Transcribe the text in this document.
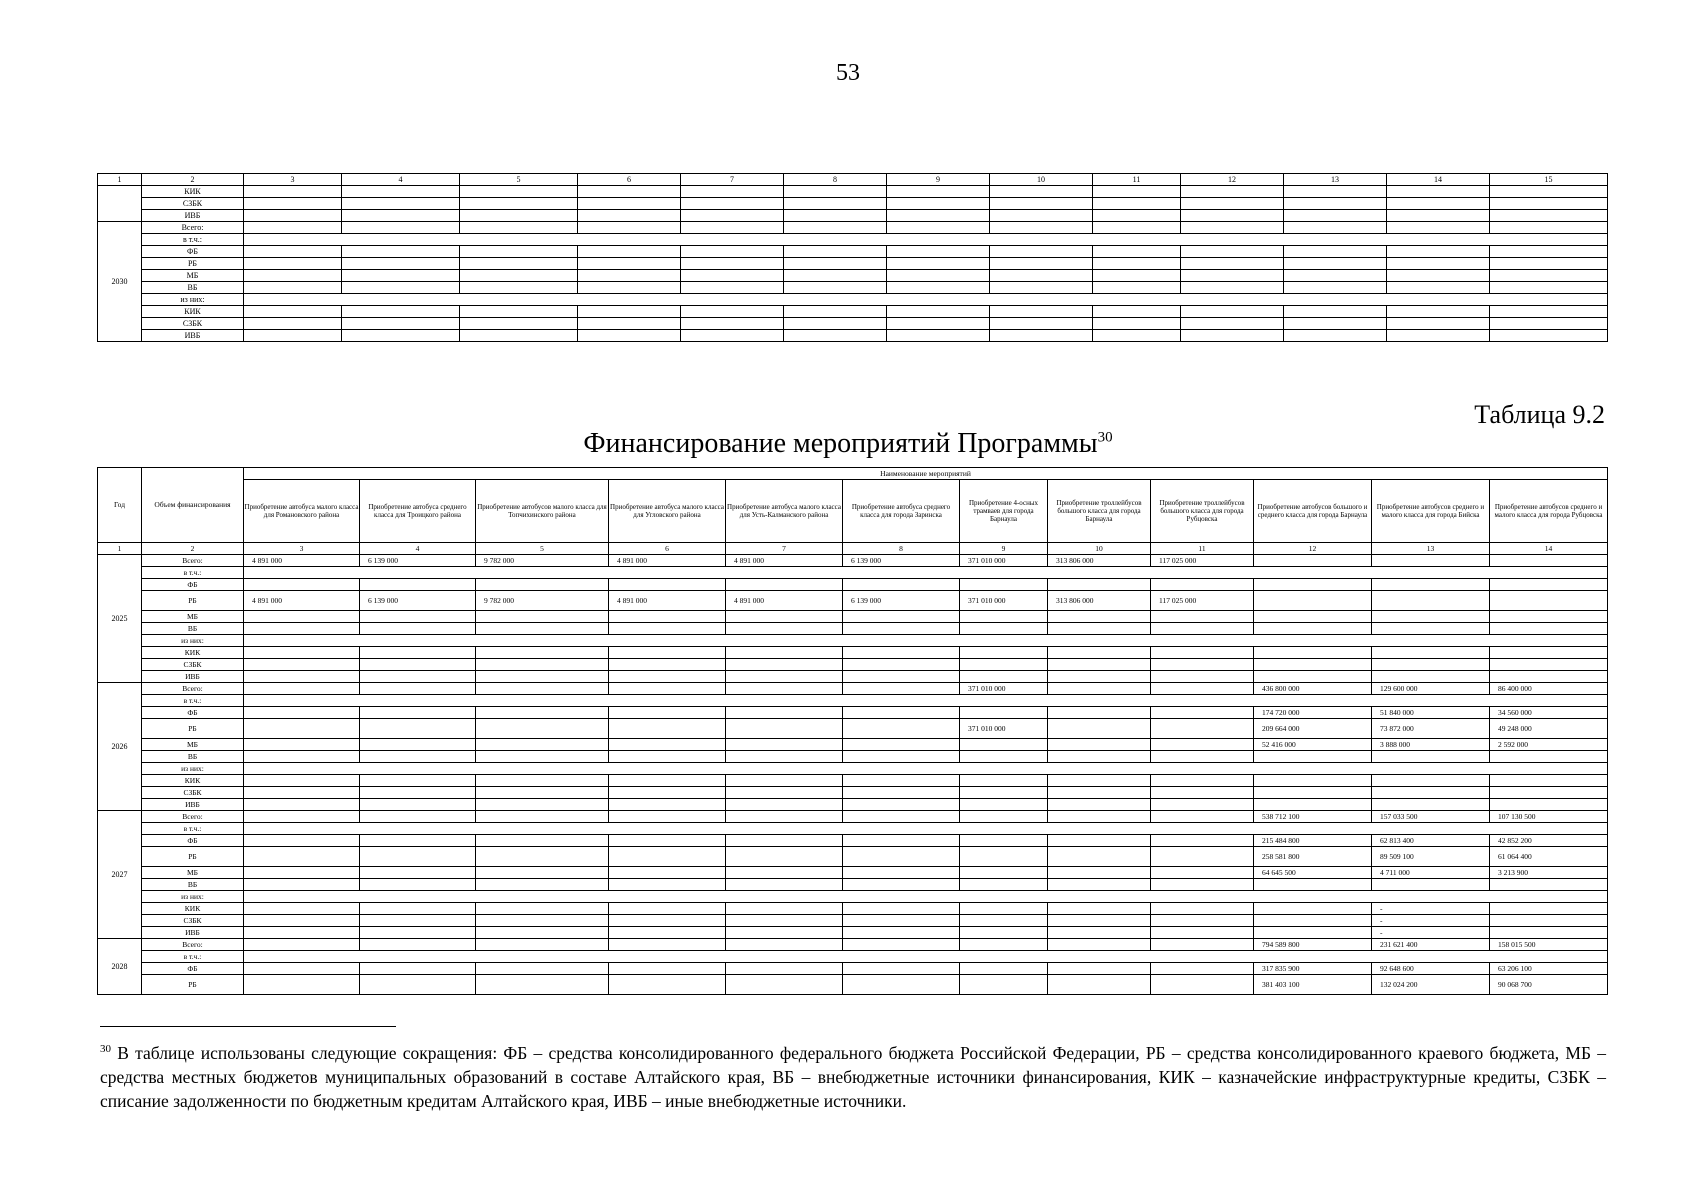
53
1	2	3	4	5	6	7	8	9	10	11	12	13	14	15
	КИК													
	СЗБК													
	ИВБ													
2030	Всего:													
	в т.ч.:													
	ФБ													
	РБ													
	МБ													
	ВБ													
	из них:													
	КИК													
	СЗБК													
	ИВБ													
Таблица 9.2
Финансирование мероприятий Программы$^{30}$
Год	Объем финансирования	Наименование мероприятий											
		Приобретение автобуса малого класса для Романовского района	Приобретение автобуса среднего класса для Троицкого района	Приобретение автобусов малого класса для Топчихинского района	Приобретение автобуса малого класса для Угловского района	Приобретение автобуса малого класса для Усть-Калманского района	Приобретение автобуса среднего класса для города Заринска	Приобретение 4-осных трамваев для города Барнаула	Приобретение троллейбусов большого класса для города Барнаула	Приобретение троллейбусов большого класса для города Рубцовска	Приобретение автобусов большого и среднего класса для города Барнаула	Приобретение автобусов среднего и малого класса для города Бийска	Приобретение автобусов среднего и малого класса для города Рубцовска
1	2	3	4	5	6	7	8	9	10	11	12	13	14
2025	Всего:	4 891 000	6 139 000	9 782 000	4 891 000	4 891 000	6 139 000	371 010 000	313 806 000	117 025 000			
	в т.ч.:												
	ФБ												
	РБ	4 891 000	6 139 000	9 782 000	4 891 000	4 891 000	6 139 000	371 010 000	313 806 000	117 025 000			
	МБ												
	ВБ												
	из них:												
	КИК												
	СЗБК												
	ИВБ												
2026	Всего:							371 010 000			436 800 000	129 600 000	86 400 000
	в т.ч.:												
	ФБ										174 720 000	51 840 000	34 560 000
	РБ							371 010 000			209 664 000	73 872 000	49 248 000
	МБ										52 416 000	3 888 000	2 592 000
	ВБ												
	из них:												
	КИК												
	СЗБК												
	ИВБ												
2027	Всего:										538 712 100	157 033 500	107 130 500
	в т.ч.:												
	ФБ										215 484 800	62 813 400	42 852 200
	РБ										258 581 800	89 509 100	61 064 400
	МБ										64 645 500	4 711 000	3 213 900
	ВБ												
	из них:												
	КИК											-	
	СЗБК											-	
	ИВБ											-	
2028	Всего:										794 589 800	231 621 400	158 015 500
	в т.ч.:												
	ФБ										317 835 900	92 648 600	63 206 100
	РБ										381 403 100	132 024 200	90 068 700
$^{30}$ В таблице использованы следующие сокращения: ФБ – средства консолидированного федерального бюджета Российской Федерации, РБ – средства консолидированного краевого бюджета, МБ – средства местных бюджетов муниципальных образований в составе Алтайского края, ВБ – внебюджетные источники финансирования, КИК – казначейские инфраструктурные кредиты, СЗБК – списание задолженности по бюджетным кредитам Алтайского края, ИВБ – иные внебюджетные источники.
